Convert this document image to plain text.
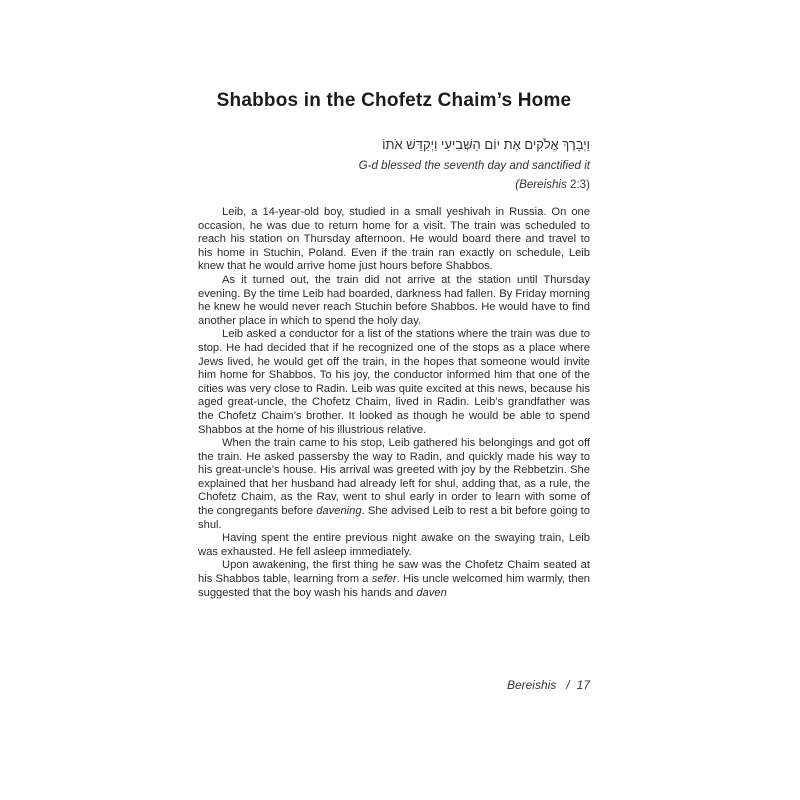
Shabbos in the Chofetz Chaim’s Home
וַיְבָרֶךְ אֱלֹקִים אֶת יוֹם הַשְּׁבִיעִי וַיְקַדֵּשׁ אֹתוֹ
G-d blessed the seventh day and sanctified it
(Bereishis 2:3)

Leib, a 14-year-old boy, studied in a small yeshivah in Russia. On one occasion, he was due to return home for a visit. The train was scheduled to reach his station on Thursday afternoon. He would board there and travel to his home in Stuchin, Poland. Even if the train ran exactly on schedule, Leib knew that he would arrive home just hours before Shabbos.

As it turned out, the train did not arrive at the station until Thursday evening. By the time Leib had boarded, darkness had fallen. By Friday morning he knew he would never reach Stuchin before Shabbos. He would have to find another place in which to spend the holy day.

Leib asked a conductor for a list of the stations where the train was due to stop. He had decided that if he recognized one of the stops as a place where Jews lived, he would get off the train, in the hopes that someone would invite him home for Shabbos. To his joy, the conductor informed him that one of the cities was very close to Radin. Leib was quite excited at this news, because his aged great-uncle, the Chofetz Chaim, lived in Radin. Leib’s grandfather was the Chofetz Chaim’s brother. It looked as though he would be able to spend Shabbos at the home of his illustrious relative.

When the train came to his stop, Leib gathered his belongings and got off the train. He asked passersby the way to Radin, and quickly made his way to his great-uncle’s house. His arrival was greeted with joy by the Rebbetzin. She explained that her husband had already left for shul, adding that, as a rule, the Chofetz Chaim, as the Rav, went to shul early in order to learn with some of the congregants before davening. She advised Leib to rest a bit before going to shul.

Having spent the entire previous night awake on the swaying train, Leib was exhausted. He fell asleep immediately.

Upon awakening, the first thing he saw was the Chofetz Chaim seated at his Shabbos table, learning from a sefer. His uncle welcomed him warmly, then suggested that the boy wash his hands and daven

Bereishis / 17
